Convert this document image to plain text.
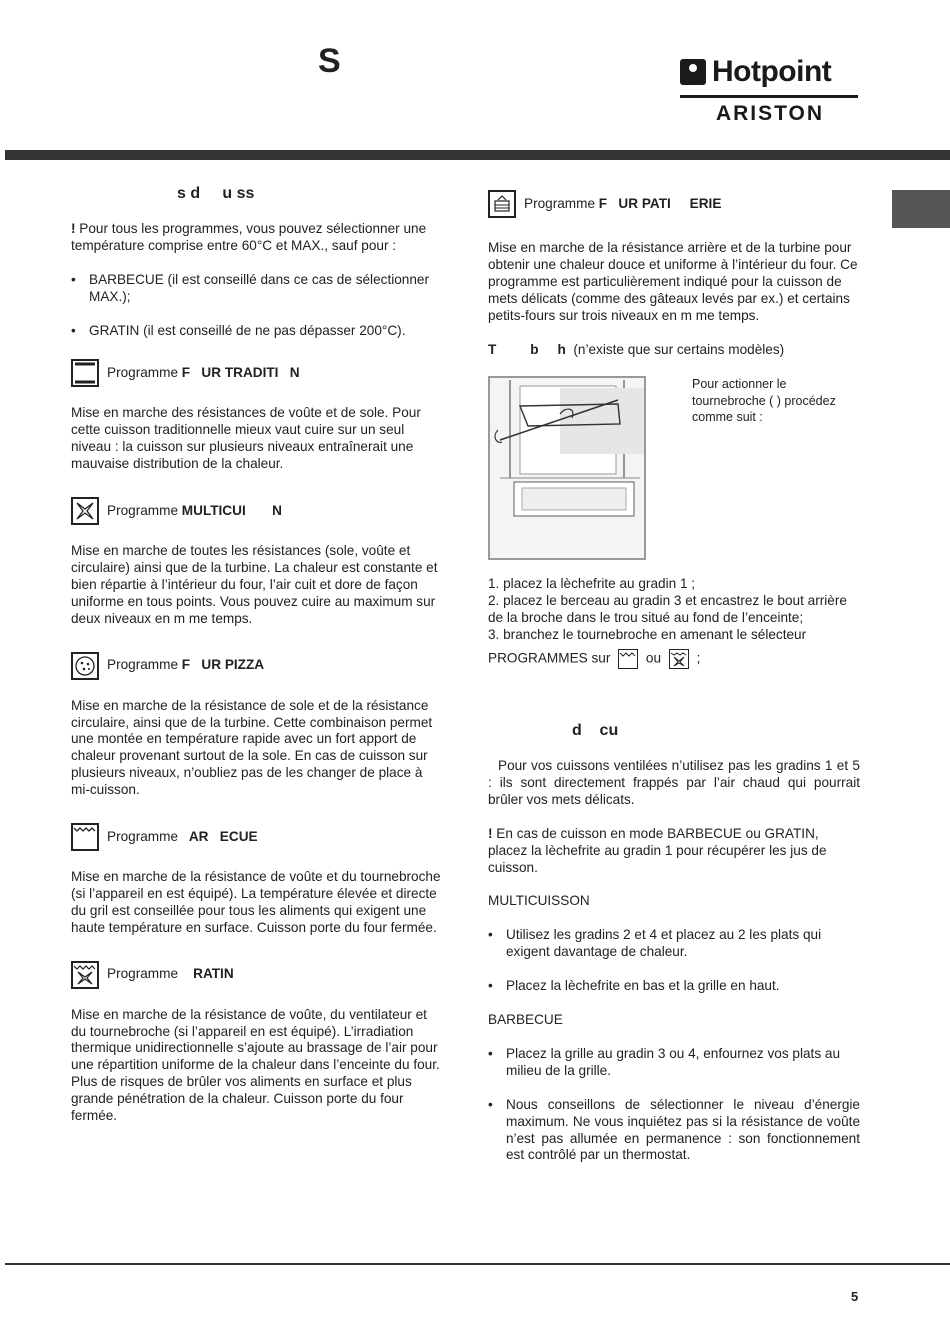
S	Hotpoint
ARISTON

s d     u ss

! Pour tous les programmes, vous pouvez sélectionner une température comprise entre 60°C et MAX., sauf pour :

• BARBECUE (il est conseillé dans ce cas de sélectionner MAX.);
• GRATIN (il est conseillé de ne pas dépasser 200°C).
Programme
F   UR TRADITI   N

Mise en marche des résistances de voûte et de sole. Pour cette cuisson traditionnelle mieux vaut cuire sur un seul niveau : la cuisson sur plusieurs niveaux entraînerait une mauvaise distribution de la chaleur.

Programme
MULTICUI       N

Mise en marche de toutes les résistances (sole, voûte et circulaire) ainsi que de la turbine. La chaleur est constante et bien répartie à l’intérieur du four, l’air cuit et dore de façon uniforme en tous points. Vous pouvez cuire au maximum sur deux niveaux en m me temps.

Programme
F   UR PIZZA

Mise en marche de la résistance de sole et de la résistance circulaire, ainsi que de la turbine. Cette combinaison permet une montée en température rapide avec un fort apport de chaleur provenant surtout de la sole. En cas de cuisson sur plusieurs niveaux, n’oubliez pas de les changer de place à mi-cuisson.

Programme
AR   ECUE

Mise en marche de la résistance de voûte et du tournebroche (si l’appareil en est équipé). La température élevée et directe du gril est conseillée pour tous les aliments qui exigent une haute température en surface. Cuisson porte du four fermée.

Programme
RATIN

Mise en marche de la résistance de voûte, du ventilateur et du tournebroche (si l’appareil en est équipé). L’irradiation thermique unidirectionnelle s’ajoute au brassage de l’air pour une répartition uniforme de la chaleur dans l’enceinte du four. Plus de risques de brûler vos aliments en surface et plus grande pénétration de la chaleur. Cuisson porte du four fermée.

Programme
F   UR PATI     ERIE

Mise en marche de la résistance arrière et de la turbine pour obtenir une chaleur douce et uniforme à l’intérieur du four. Ce programme est particulièrement indiqué pour la cuisson de mets délicats (comme des gâteaux levés par ex.) et certains petits-fours sur trois niveaux en m me temps.

T         b     h (n’existe que sur certains modèles)

Pour actionner le tournebroche ( ) procédez comme suit :

1. placez la lèchefrite au gradin 1 ;

2. placez le berceau au gradin 3 et encastrez le bout arrière de la broche dans le trou situé au fond de l’enceinte;

3. branchez le tournebroche en amenant le sélecteur

PROGRAMMES sur	ou	;

d    cu

Pour vos cuissons ventilées n’utilisez pas les gradins 1 et 5 : ils sont directement frappés par l’air chaud qui pourrait brûler vos mets délicats.

! En cas de cuisson en mode BARBECUE ou GRATIN, placez la lèchefrite au gradin 1 pour récupérer les jus de cuisson.

MULTICUISSON

• Utilisez les gradins 2 et 4 et placez au 2 les plats qui exigent davantage de chaleur.
• Placez la lèchefrite en bas et la grille en haut.

BARBECUE

• Placez la grille au gradin 3 ou 4, enfournez vos plats au milieu de la grille.
• Nous conseillons de sélectionner le niveau d’énergie maximum. Ne vous inquiétez pas si la résistance de voûte n’est pas allumée en permanence : son fonctionnement est contrôlé par un thermostat.
5
